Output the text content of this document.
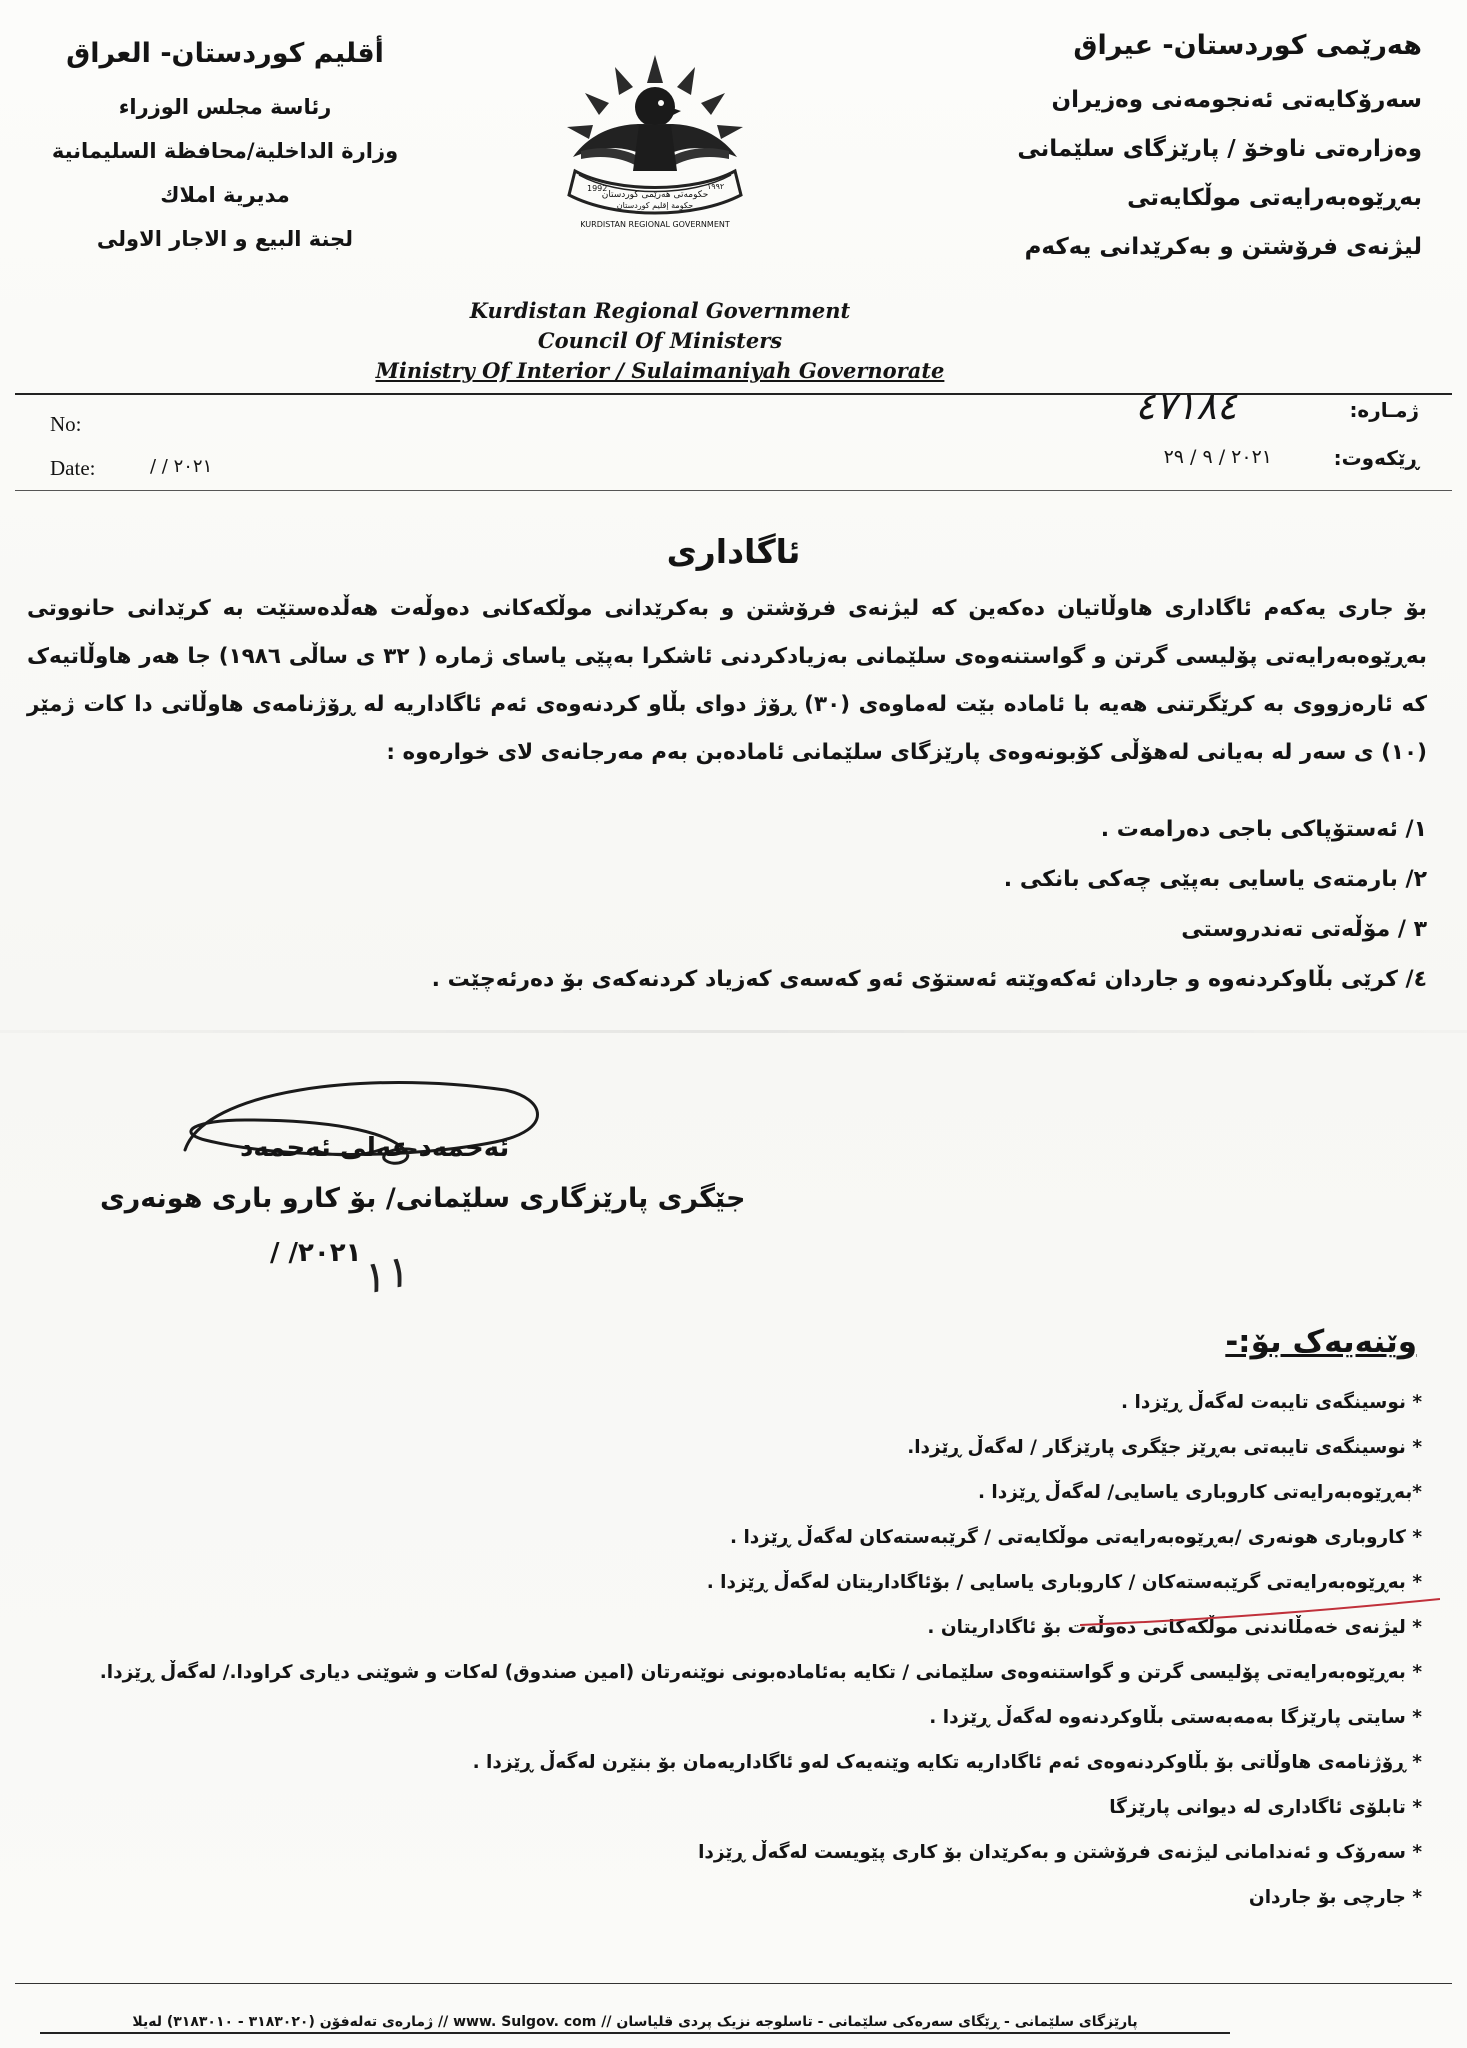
هەرێمی کوردستان- عیراق
سەرۆکایەتی ئەنجومەنی وەزیران
وەزارەتی ناوخۆ / پارێزگای سلێمانی
بەڕێوەبەرایەتی موڵکایەتی
لیژنەی فرۆشتن و بەکرێدانی یەکەم
أقليم كوردستان- العراق
رئاسة مجلس الوزراء
وزارة الداخلية/محافظة السليمانية
مديرية املاك
لجنة البيع و الاجار الاولى
حکومەتی هەرێمی کوردستان
حكومة إقليم كوردستان
KURDISTAN REGIONAL GOVERNMENT
1992	١٩٩٢
Kurdistan Regional Government
Council Of Ministers
Ministry Of Interior / Sulaimaniyah Governorate
No:
Date:	/ / ٢٠٢١
ژمـارە:
٤٧١٨٤
ڕێکەوت:
٢٠٢١ / ٩ / ٢٩
ئاگاداری
بۆ جاری یەکەم ئاگاداری هاوڵاتیان دەکەین کە لیژنەی فرۆشتن و بەکرێدانی موڵکەکانی دەوڵەت هەڵدەستێت بە کرێدانی حانووتی بەڕێوەبەرایەتی پۆلیسی گرتن و گواستنەوەی سلێمانی بەزیادکردنی ئاشکرا بەپێی یاسای ژمارە ( ٣٢ ی ساڵی ١٩٨٦) جا هەر هاوڵاتیەک کە ئارەزووی بە کرێگرتنی هەیە با ئامادە بێت لەماوەی (٣٠) ڕۆژ دوای بڵاو کردنەوەی ئەم ئاگاداریە لە ڕۆژنامەی هاوڵاتی دا کات ژمێر (١٠) ی سەر لە بەیانی لەهۆڵی کۆبونەوەی پارێزگای سلێمانی ئامادەبن بەم مەرجانەی لای خوارەوە :
١/ ئەستۆپاکی باجی دەرامەت .
٢/ بارمتەی یاسایی بەپێی چەکی بانکی .
٣ / مۆڵەتی تەندروستی
٤/ کرێی بڵاوکردنەوە و جاردان ئەکەوێتە ئەستۆی ئەو کەسەی کەزیاد کردنەکەی بۆ دەرئەچێت .
ئەحمەد عەلی ئەحمەد
جێگری پارێزگاری سلێمانی/ بۆ کارو باری هونەری
٢٠٢١/ /
١١
وێنەیەک بۆ:-
* نوسینگەی تایبەت لەگەڵ ڕێزدا .
* نوسینگەی تایبەتی بەڕێز جێگری پارێزگار / لەگەڵ ڕێزدا.
*بەڕێوەبەرایەتی کاروباری یاسایی/ لەگەڵ ڕێزدا .
* کاروباری هونەری /بەڕێوەبەرایەتی موڵکایەتی / گرێبەستەکان لەگەڵ ڕێزدا .
* بەڕێوەبەرایەتی گرێبەستەکان / کاروباری یاسایی / بۆئاگاداریتان لەگەڵ ڕێزدا .
* لیژنەی خەمڵاندنی موڵکەکانی دەوڵەت بۆ ئاگاداریتان .
* بەڕێوەبەرایەتی پۆلیسی گرتن و گواستنەوەی سلێمانی / تکایە بەئامادەبونی نوێنەرتان (امین صندوق) لەکات و شوێنی دیاری کراودا./ لەگەڵ ڕێزدا.
* سایتی پارێزگا بەمەبەستی بڵاوکردنەوە لەگەڵ ڕێزدا .
* ڕۆژنامەی هاوڵاتی بۆ بڵاوکردنەوەی ئەم ئاگاداریە تکایە وێنەیەک لەو ئاگاداریەمان بۆ بنێرن لەگەڵ ڕێزدا .
* تابلۆی ئاگاداری لە دیوانی پارێزگا
* سەرۆک و ئەندامانی لیژنەی فرۆشتن و بەکرێدان بۆ کاری پێویست لەگەڵ ڕێزدا
* جارچی بۆ جاردان
پارێزگای سلێمانی - ڕێگای سەرەکی سلێمانی - تاسلوجە نزیک پردی قلیاسان // www. Sulgov. com // ژمارەی تەلەفۆن (٣١٨٣٠٢٠ - ٣١٨٣٠١٠) لەیلا
